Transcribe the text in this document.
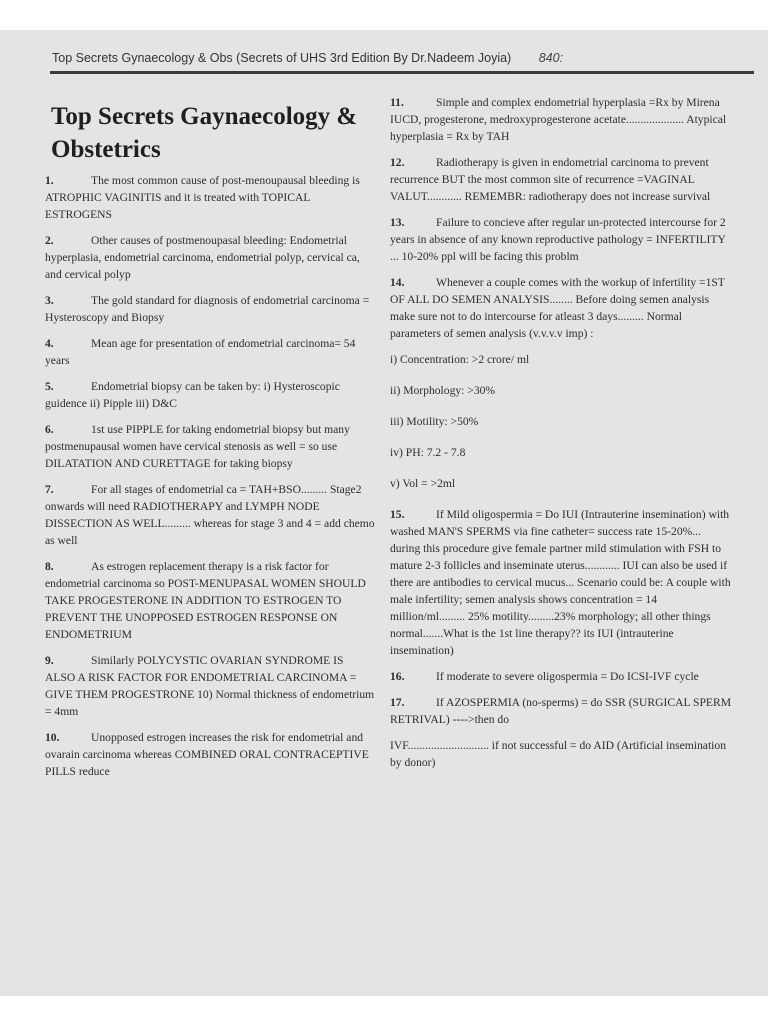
Top Secrets Gynaecology & Obs (Secrets of UHS 3rd Edition By Dr.Nadeem Joyia) 840:
Top Secrets Gaynaecology & Obstetrics
1.	The most common cause of post-menoupausal bleeding is ATROPHIC VAGINITIS and it is treated with TOPICAL ESTROGENS
2.	Other causes of postmenoupasal bleeding: Endometrial hyperplasia, endometrial carcinoma, endometrial polyp, cervical ca, and cervical polyp
3.	The gold standard for diagnosis of endometrial carcinoma = Hysteroscopy and Biopsy
4.	Mean age for presentation of endometrial carcinoma= 54 years
5.	Endometrial biopsy can be taken by: i) Hysteroscopic guidence ii) Pipple iii) D&C
6.	1st use PIPPLE for taking endometrial biopsy but many postmenupausal women have cervical stenosis as well = so use DILATATION AND CURETTAGE for taking biopsy
7.	For all stages of endometrial ca = TAH+BSO......... Stage2 onwards will need RADIOTHERAPY and LYMPH NODE DISSECTION AS WELL......... whereas for stage 3 and 4 = add chemo as well
8.	As estrogen replacement therapy is a risk factor for endometrial carcinoma so POST-MENUPASAL WOMEN SHOULD TAKE PROGESTERONE IN ADDITION TO ESTROGEN TO PREVENT THE UNOPPOSED ESTROGEN RESPONSE ON ENDOMETRIUM
9.	Similarly POLYCYSTIC OVARIAN SYNDROME IS ALSO A RISK FACTOR FOR ENDOMETRIAL CARCINOMA = GIVE THEM PROGESTRONE 10) Normal thickness of endometrium = 4mm
10.	Unopposed estrogen increases the risk for endometrial and ovarain carcinoma whereas COMBINED ORAL CONTRACEPTIVE PILLS reduce
11.	Simple and complex endometrial hyperplasia =Rx by Mirena IUCD, progesterone, medroxyprogesterone acetate.................... Atypical hyperplasia = Rx by TAH
12.	Radiotherapy is given in endometrial carcinoma to prevent recurrence BUT the most common site of recurrence =VAGINAL VALUT............ REMEMBR: radiotherapy does not increase survival
13.	Failure to concieve after regular un-protected intercourse for 2 years in absence of any known reproductive pathology = INFERTILITY ... 10-20% ppl will be facing this problm
14.	Whenever a couple comes with the workup of infertility =1ST OF ALL DO SEMEN ANALYSIS........ Before doing semen analysis make sure not to do intercourse for atleast 3 days......... Normal parameters of semen analysis (v.v.v.v imp) :
i) Concentration: >2 crore/ ml
ii) Morphology: >30%
iii) Motility: >50%
iv) PH: 7.2 - 7.8
v) Vol = >2ml
15.	If Mild oligospermia = Do IUI (Intrauterine insemination) with washed MAN'S SPERMS via fine catheter= success rate 15-20%... during this procedure give female partner mild stimulation with FSH to mature 2-3 follicles and inseminate uterus............ IUI can also be used if there are antibodies to cervical mucus... Scenario could be: A couple with male infertility; semen analysis shows concentration = 14 million/ml......... 25% motility.........23% morphology; all other things normal.......What is the 1st line therapy?? its IUI (intrauterine insemination)
16.	If moderate to severe oligospermia = Do ICSI-IVF cycle
17.	If AZOSPERMIA (no-sperms) = do SSR (SURGICAL SPERM RETRIVAL) ---->then do
IVF............................ if not successful = do AID (Artificial insemination by donor)
